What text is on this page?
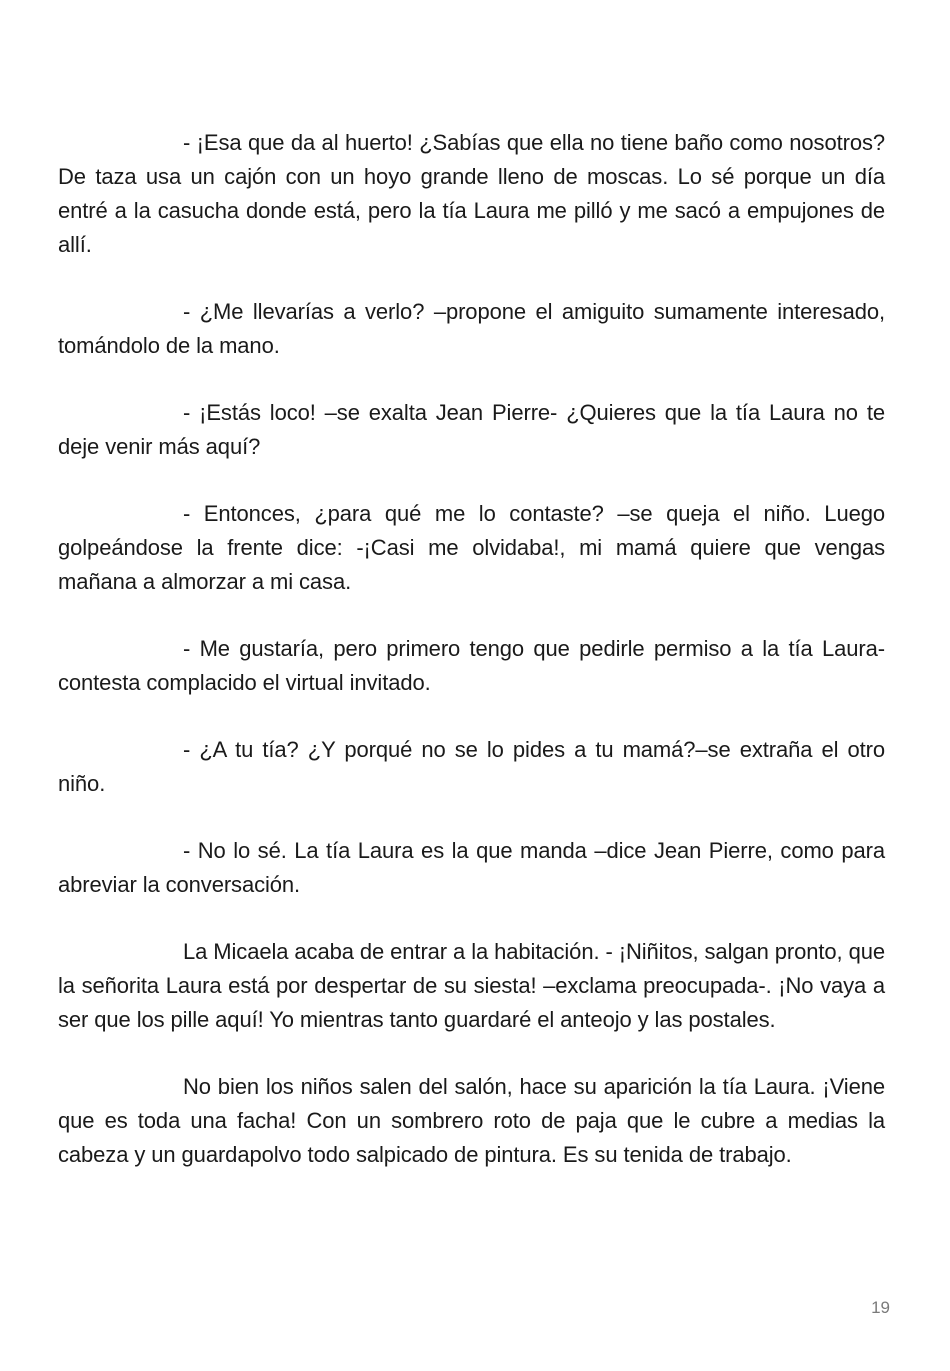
- ¡Esa que da al huerto! ¿Sabías que ella no tiene baño como nosotros? De taza usa un cajón con un hoyo grande lleno de moscas. Lo sé porque un día entré a la casucha donde está, pero la tía Laura me pilló y me sacó a empujones de allí.

- ¿Me llevarías a verlo? –propone el amiguito sumamente interesado, tomándolo de la mano.

- ¡Estás loco! –se exalta Jean Pierre- ¿Quieres que la tía Laura no te deje venir más aquí?

- Entonces, ¿para qué me lo contaste? –se queja el niño. Luego golpeándose la frente dice: -¡Casi me olvidaba!, mi mamá quiere que vengas mañana a almorzar a mi casa.

- Me gustaría, pero primero tengo que pedirle permiso a la tía Laura- contesta complacido el virtual invitado.

- ¿A tu tía? ¿Y porqué no se lo pides a tu mamá?–se extraña el otro niño.

- No lo sé. La tía Laura es la que manda –dice Jean Pierre, como para abreviar la conversación.

La Micaela acaba de entrar a la habitación. - ¡Niñitos, salgan pronto, que la señorita Laura está por despertar de su siesta! –exclama preocupada-. ¡No vaya a ser que los pille aquí! Yo mientras tanto guardaré el anteojo y las postales.

No bien los niños salen del salón, hace su aparición la tía Laura. ¡Viene que es toda una facha! Con un sombrero roto de paja que le cubre a medias la cabeza y un guardapolvo todo salpicado de pintura. Es su tenida de trabajo.

19
